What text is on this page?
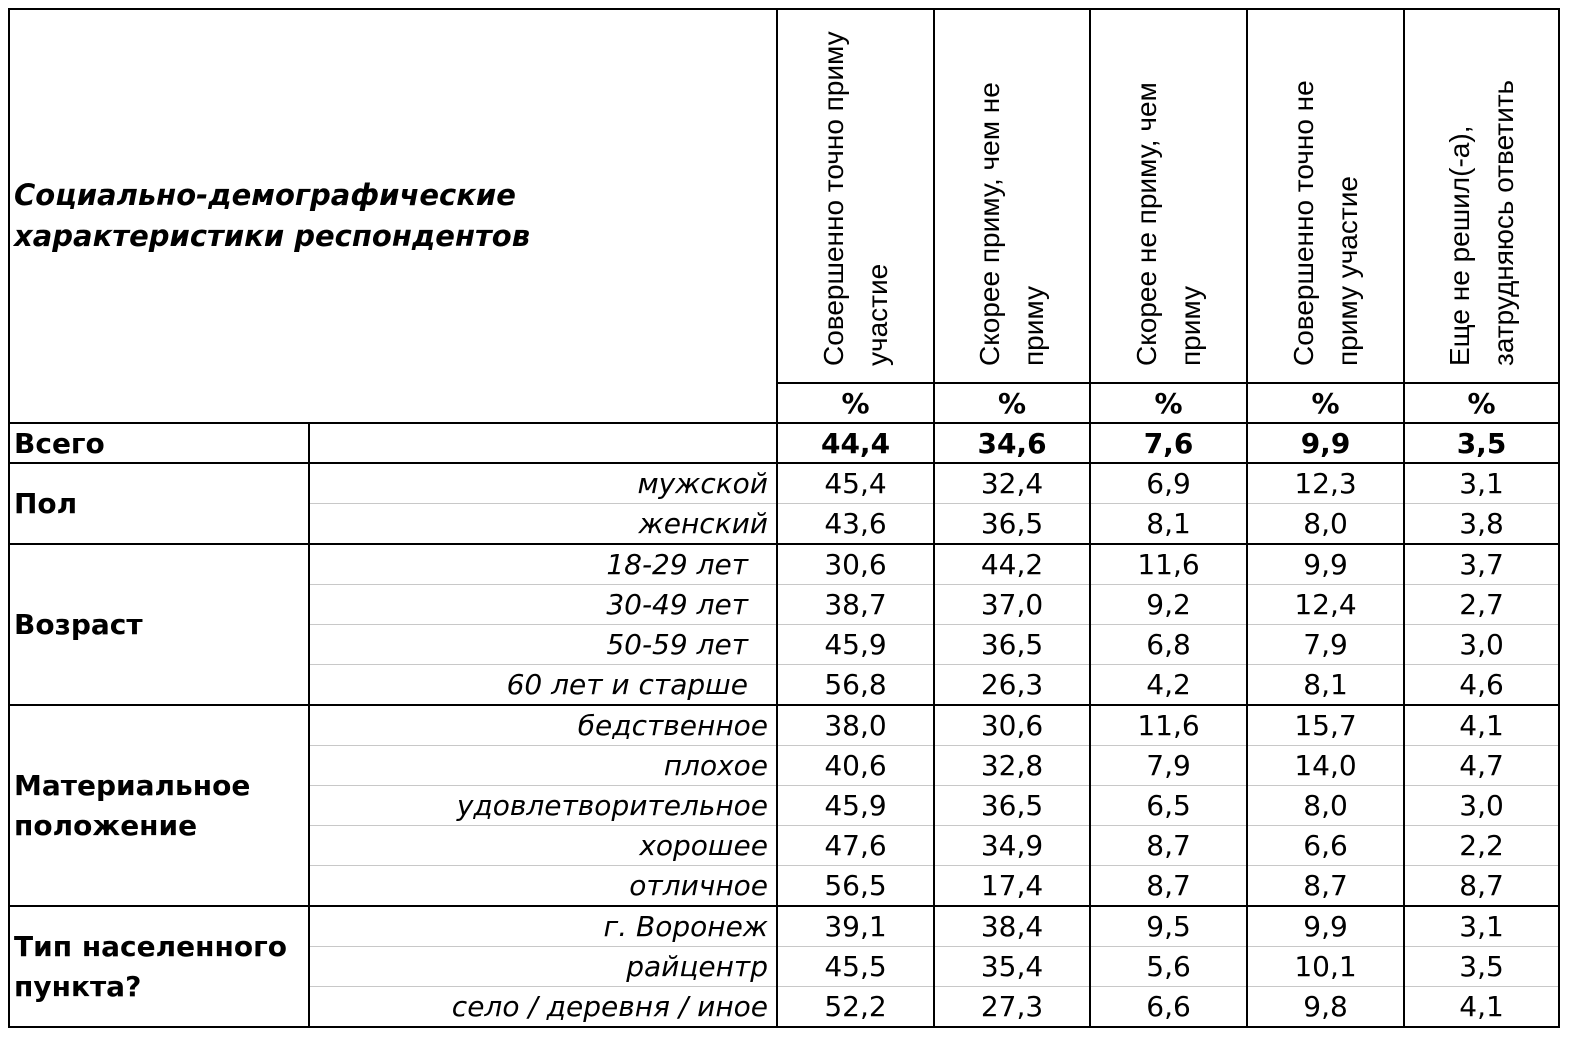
Социально-демографические характеристики респондентов		Совершенно точно приму участие	Скорее приму, чем не приму	Скорее не приму, чем приму	Совершенно точно не приму участие	Еще не решил(-а), затрудняюсь ответить

		%	%	%	%	%
Всего		44,4	34,6	7,6	9,9	3,5
Пол	мужской	45,4	32,4	6,9	12,3	3,1
	женский	43,6	36,5	8,1	8,0	3,8
Возраст	18-29 лет	30,6	44,2	11,6	9,9	3,7
	30-49 лет	38,7	37,0	9,2	12,4	2,7
	50-59 лет	45,9	36,5	6,8	7,9	3,0
	60 лет и старше	56,8	26,3	4,2	8,1	4,6
Материальное положение	бедственное	38,0	30,6	11,6	15,7	4,1
	плохое	40,6	32,8	7,9	14,0	4,7
	удовлетворительное	45,9	36,5	6,5	8,0	3,0
	хорошее	47,6	34,9	8,7	6,6	2,2
	отличное	56,5	17,4	8,7	8,7	8,7
Тип населенного пункта?	г. Воронеж	39,1	38,4	9,5	9,9	3,1
	райцентр	45,5	35,4	5,6	10,1	3,5
	село / деревня / иное	52,2	27,3	6,6	9,8	4,1
